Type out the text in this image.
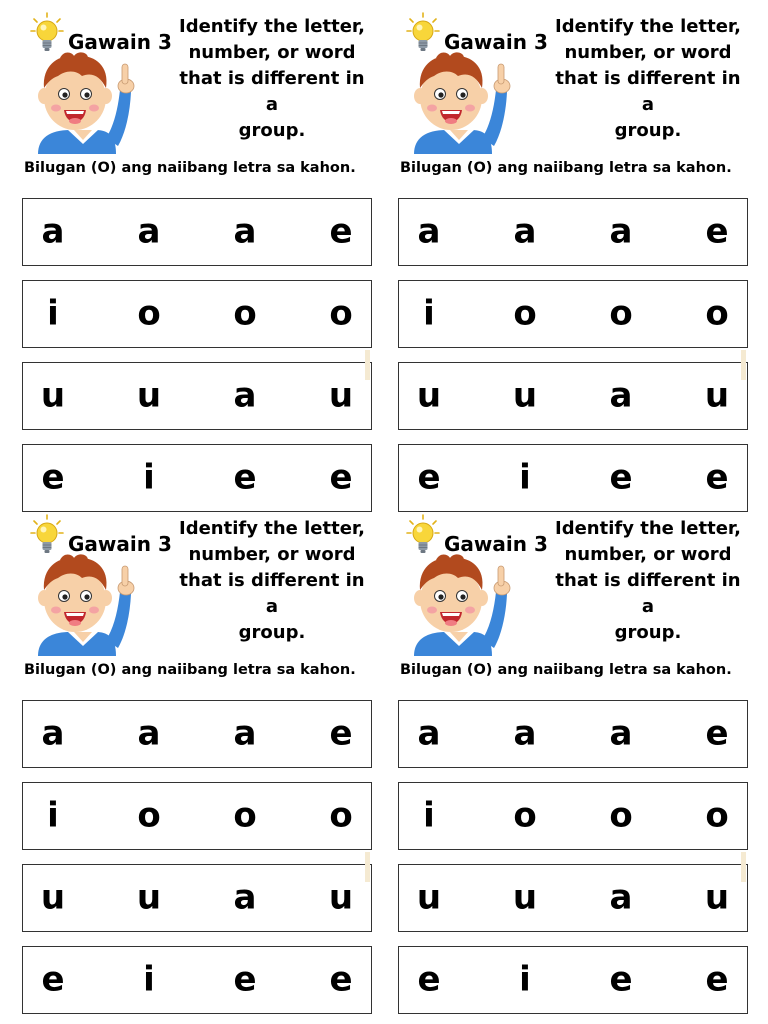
Gawain 3
Identify the letter,
number, or word
that is different in a
group.
Bilugan (O) ang naiibang letra sa kahon.
a a a e
i o o o
u u a u
e i e e
Gawain 3
Identify the letter,
number, or word
that is different in a
group.
Bilugan (O) ang naiibang letra sa kahon.
a a a e
i o o o
u u a u
e i e e
Gawain 3
Identify the letter,
number, or word
that is different in a
group.
Bilugan (O) ang naiibang letra sa kahon.
a a a e
i o o o
u u a u
e i e e
Gawain 3
Identify the letter,
number, or word
that is different in a
group.
Bilugan (O) ang naiibang letra sa kahon.
a a a e
i o o o
u u a u
e i e e
